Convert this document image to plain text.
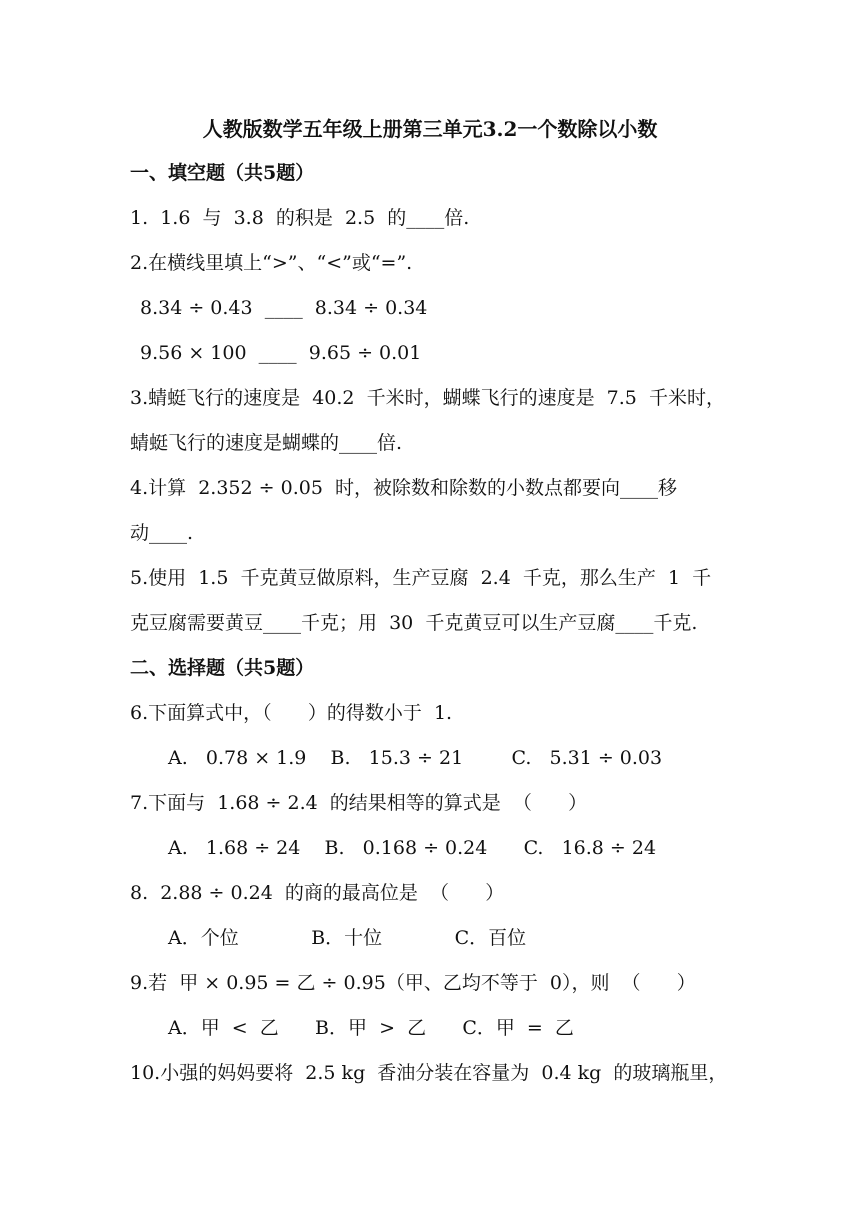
人教版数学五年级上册第三单元3.2一个数除以小数
一、填空题（共5题）
1.  1.6  与  3.8  的积是  2.5  的____倍.
2.在横线里填上“>”、“<”或“=”.
8.34 ÷ 0.43  ____  8.34 ÷ 0.34
9.56 × 100  ____  9.65 ÷ 0.01
3.蜻蜓飞行的速度是  40.2  千米时，蝴蝶飞行的速度是  7.5  千米时，
蜻蜓飞行的速度是蝴蝶的____倍.
4.计算  2.352 ÷ 0.05  时，被除数和除数的小数点都要向____移
动____.
5.使用  1.5  千克黄豆做原料，生产豆腐  2.4  千克，那么生产  1  千
克豆腐需要黄豆____千克；用  30  千克黄豆可以生产豆腐____千克.
二、选择题（共5题）
6.下面算式中，（      ）的得数小于  1.
A.   0.78 × 1.9    B.   15.3 ÷ 21        C.   5.31 ÷ 0.03
7.下面与  1.68 ÷ 2.4  的结果相等的算式是  （      ）
A.   1.68 ÷ 24    B.   0.168 ÷ 0.24      C.   16.8 ÷ 24
8.  2.88 ÷ 0.24  的商的最高位是  （      ）
A．个位            B．十位            C．百位
9.若  甲 × 0.95 = 乙 ÷ 0.95（甲、乙均不等于  0），则  （      ）
A．甲  <  乙      B．甲  >  乙      C．甲  =  乙
10.小强的妈妈要将  2.5 kg  香油分装在容量为  0.4 kg  的玻璃瓶里，
